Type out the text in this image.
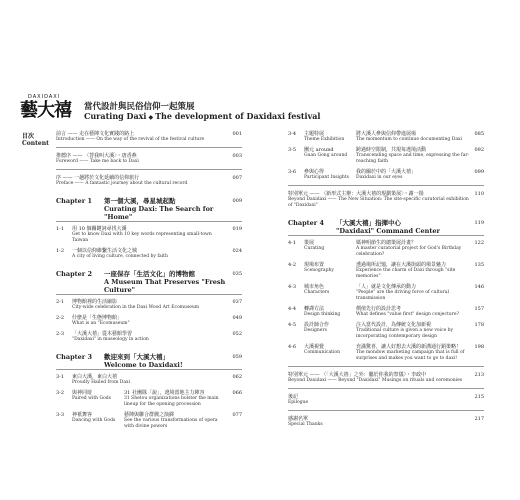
DAXIDAXI
藝大禧	當代設計與民俗信仰一起策展
Curating Daxi ◆ The development of Daxidaxi festival
目次
Content
前言 —— 走在藝陣文化實踐的路上
Introduction —— On the way of the revival of the festival culture
001
推薦序 —— 〈替我叫大溪〉・唐香燕
Foreword —— Take me back to Daxi
003
序 —— 一趟將於文化延續的信仰旅行
Preface —— A fantastic journey about the cultural record
007
Chapter 1	第一個大溪，尋星城起點
Curating Daxi: The Search for "Home"
009
1-1	用 10 個關鍵詞尋找大溪
Get to know Daxi with 10 key words representing small-town Taiwan
019
1-2	一個以信仰維繫生活文化之城
A city of living culture, connected by faith
024
Chapter 2	一座保存「生活文化」的博物館
A Museum That Preserves "Fresh Culture"
035
2-1	博物館裡的生活縮影
City-wide celebration in the Daxi Wood Art Ecomuseum
037
2-2	什麼是「生態博物館」
What is an "Ecomuseum"
049
2-3	「大溪大禧」從木藝館學習
"Daxidaxi" in museology in action
052
Chapter 3	歡迎來到「大溪大禧」
Welcome to Daxidaxi!
059
3-1	東白大溪，東白大禧
Proudly Hailed from Daxi
062
3-2	與神同遊
Paired with Gods
31 社團隊「說」，遶境當地主力陣容
31 Shetou organizations bolster the main lineup for the opening procession
066
3-3	神祇舞客
Dancing with Gods
藝陣與聯合群戲之演繹
See the various transformations of opera with divine powers
077
3-4	主題特展
Theme Exhibition
將大溪人參與信仰帶進展場
The momentum to continue documenting Daxi
085
3-5	團元 around
Guan Gong around
跨過時空限制，共現每遶境活動
Transcending space and time, expressing the far-reaching faith
092
3-6	參與心得
Participant Insights
我的關於中的「大溪大禧」
Daxidaxi in our eyes
099
特別單元 —— 〈新形式主辦：大溪大禧的規劃策展〉・謝一揚
Beyond Daxidaxi —— The New Situation: The site-specific curatorial exhibition of "Daxidaxi"
110
Chapter 4	「大溪大禧」指揮中心
"Daxidaxi" Command Center
119
4-1	策展
Curating
媽神明節生的總策展計畫？
A master curatorial project for God's Birthday celebration?
122
4-2	現場布置
Scenography
透過場所記憶，讓在大溪街頭的場景魅力
Experience the charm of Daxi through "site memories"
135
4-3	城市角色
Characters
「人」就是文化傳承的動力
"People" are the driving force of cultural transmission
146
4-4	轉譯方法
Design thinking
價值先行的設計思考
What defines "value first" design conjecture?
157
4-5	設計師合作
Designers
注入當代設計，為傳統文化加新視
Traditional culture is given a new voice by incorporating contemporary design
178
4-6	大溪視覺
Communication
充滿驚喜，讓人好想去大溪的新溝通行銷策略！
The mondow marketing campaign that is full of surprises and makes you want to go to daxi!
198
特別單元 —— 〈「大溪大禧」之外：屬於你我的祭儀〉・李政中
Beyond Daxidaxi —— Beyond "Daxidaxi" Musings on rituals and ceremonies
213
後記
Epilogue
215
感謝名單
Special Thanks
217
